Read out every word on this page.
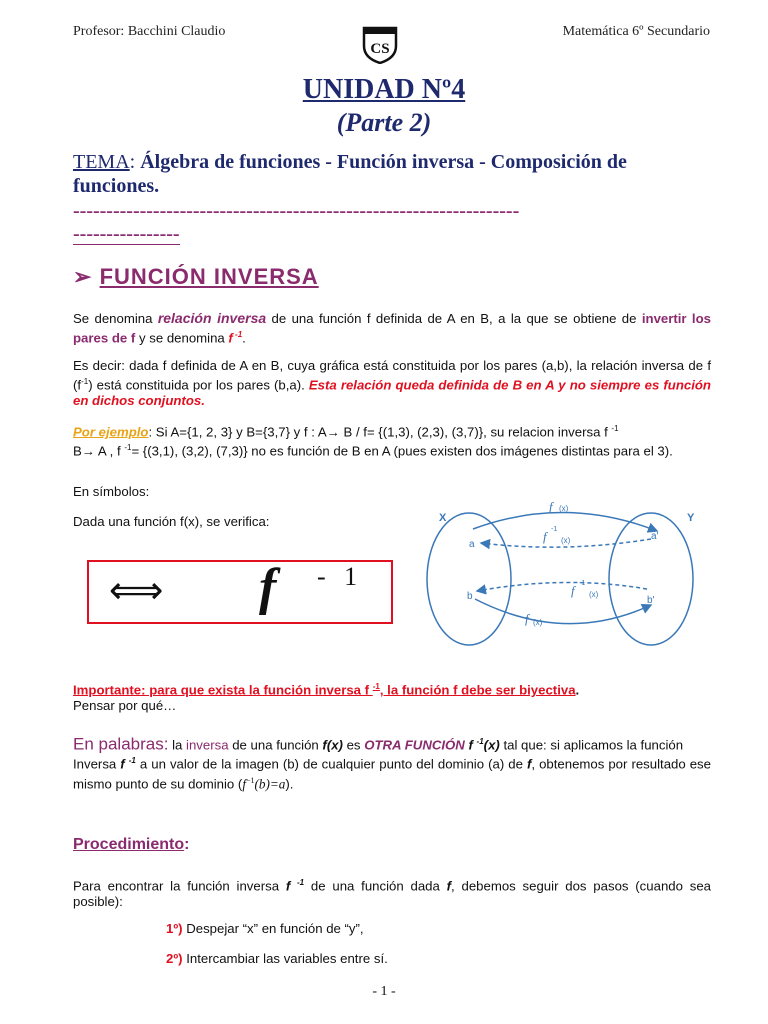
Profesor: Bacchini Claudio	Matemática 6º Secundario
CS
UNIDAD Nº4
(Parte 2)
TEMA: Álgebra de funciones - Función inversa - Composición de funciones.
-------------------------------------------------------------------
----------------
➢ FUNCIÓN INVERSA

Se denomina relación inversa de una función f definida de A en B, a la que se obtiene de invertir los pares de f y se denomina f $^{-1}$.

Es decir: dada f definida de A en B, cuya gráfica está constituida por los pares (a,b), la relación inversa de f $(f^{-1})$ está constituida por los pares (b,a). Esta relación queda definida de B en A y no siempre es función en dichos conjuntos.

Por ejemplo: Si A={1, 2, 3} y B={3,7} y f : A→ B / f= {(1,3), (2,3), (3,7)}, su relacion inversa f $^{-1}$
B→ A , f $^{-1}$= {(3,1), (3,2), (7,3)} no es función de B en A (pues existen dos imágenes distintas para el 3).

En símbolos:

Dada una función f(x), se verifica:

⟺ f - 1
X	Y
a
a'
b	b'
f (x)
f -1
(x)
f -1
(x)
f (x)

Importante: para que exista la función inversa f $^{-1}$, la función f debe ser biyectiva.
Pensar por qué…

En palabras: la inversa de una función f(x) es OTRA FUNCIÓN f $^{-1}$(x) tal que: si aplicamos la función
Inversa f $^{-1}$ a un valor de la imagen (b) de cualquier punto del dominio (a) de f, obtenemos por resultado ese mismo punto de su dominio $(f^{-1}(b)=a)$.

Procedimiento:

Para encontrar la función inversa f $^{-1}$ de una función dada f, debemos seguir dos pasos (cuando sea posible):

1º) Despejar “x” en función de “y”,
2º) Intercambiar las variables entre sí.
- 1 -
